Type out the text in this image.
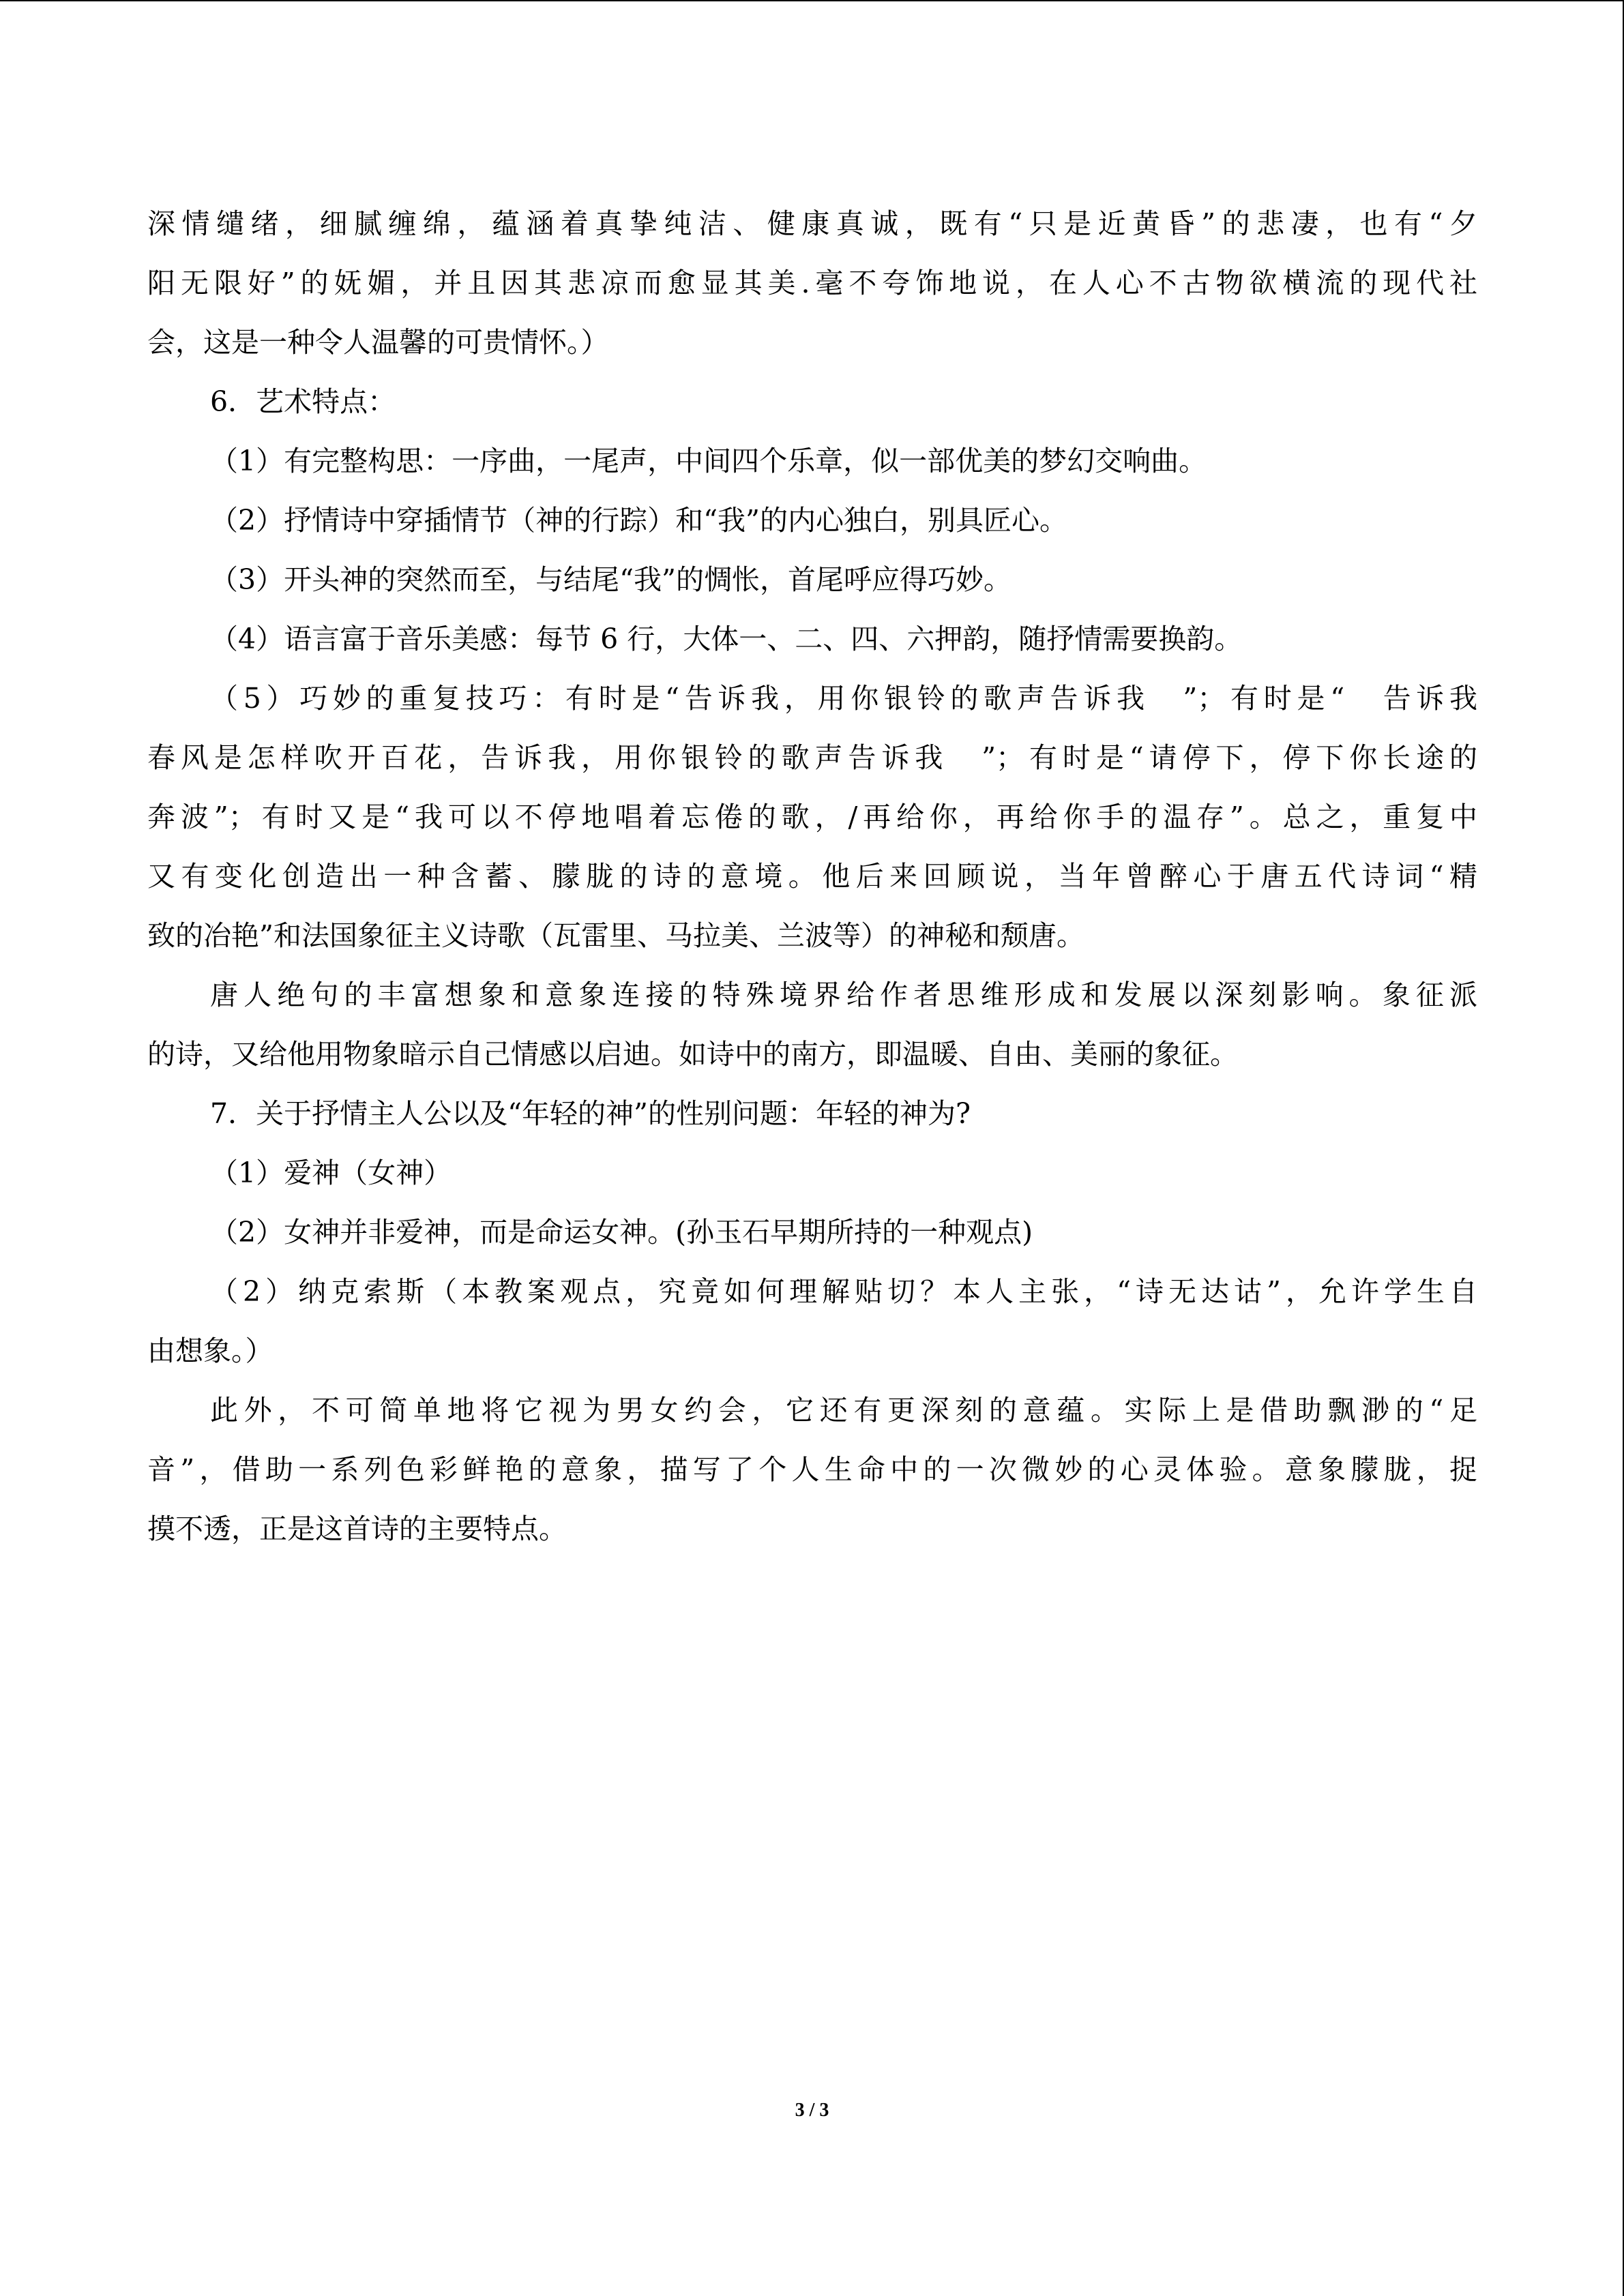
深情缱绪，细腻缠绵，蕴涵着真挚纯洁、健康真诚，既有“只是近黄昏”的悲凄，也有“夕
阳无限好”的妩媚，并且因其悲凉而愈显其美.毫不夸饰地说，在人心不古物欲横流的现代社
会，这是一种令人温馨的可贵情怀。）
6．艺术特点：
（1）有完整构思：一序曲，一尾声，中间四个乐章，似一部优美的梦幻交响曲。
（2）抒情诗中穿插情节（神的行踪）和“我”的内心独白，别具匠心。
（3）开头神的突然而至，与结尾“我”的惆怅，首尾呼应得巧妙。
（4）语言富于音乐美感：每节 6 行，大体一、二、四、六押韵，随抒情需要换韵。
（5）巧妙的重复技巧：有时是“告诉我，用你银铃的歌声告诉我　”；有时是“　告诉我
春风是怎样吹开百花，告诉我，用你银铃的歌声告诉我　”；有时是“请停下，停下你长途的
奔波”；有时又是“我可以不停地唱着忘倦的歌，/再给你，再给你手的温存”。总之，重复中
又有变化创造出一种含蓄、朦胧的诗的意境。他后来回顾说，当年曾醉心于唐五代诗词“精
致的冶艳”和法国象征主义诗歌（瓦雷里、马拉美、兰波等）的神秘和颓唐。
唐人绝句的丰富想象和意象连接的特殊境界给作者思维形成和发展以深刻影响。象征派
的诗，又给他用物象暗示自己情感以启迪。如诗中的南方，即温暖、自由、美丽的象征。
7．关于抒情主人公以及“年轻的神”的性别问题：年轻的神为?
（1）爱神（女神）
（2）女神并非爱神，而是命运女神。(孙玉石早期所持的一种观点)
（2）纳克索斯（本教案观点，究竟如何理解贴切？本人主张，“诗无达诂”，允许学生自
由想象。）
此外，不可简单地将它视为男女约会，它还有更深刻的意蕴。实际上是借助飘渺的“足
音”，借助一系列色彩鲜艳的意象，描写了个人生命中的一次微妙的心灵体验。意象朦胧，捉
摸不透，正是这首诗的主要特点。
3 / 3
